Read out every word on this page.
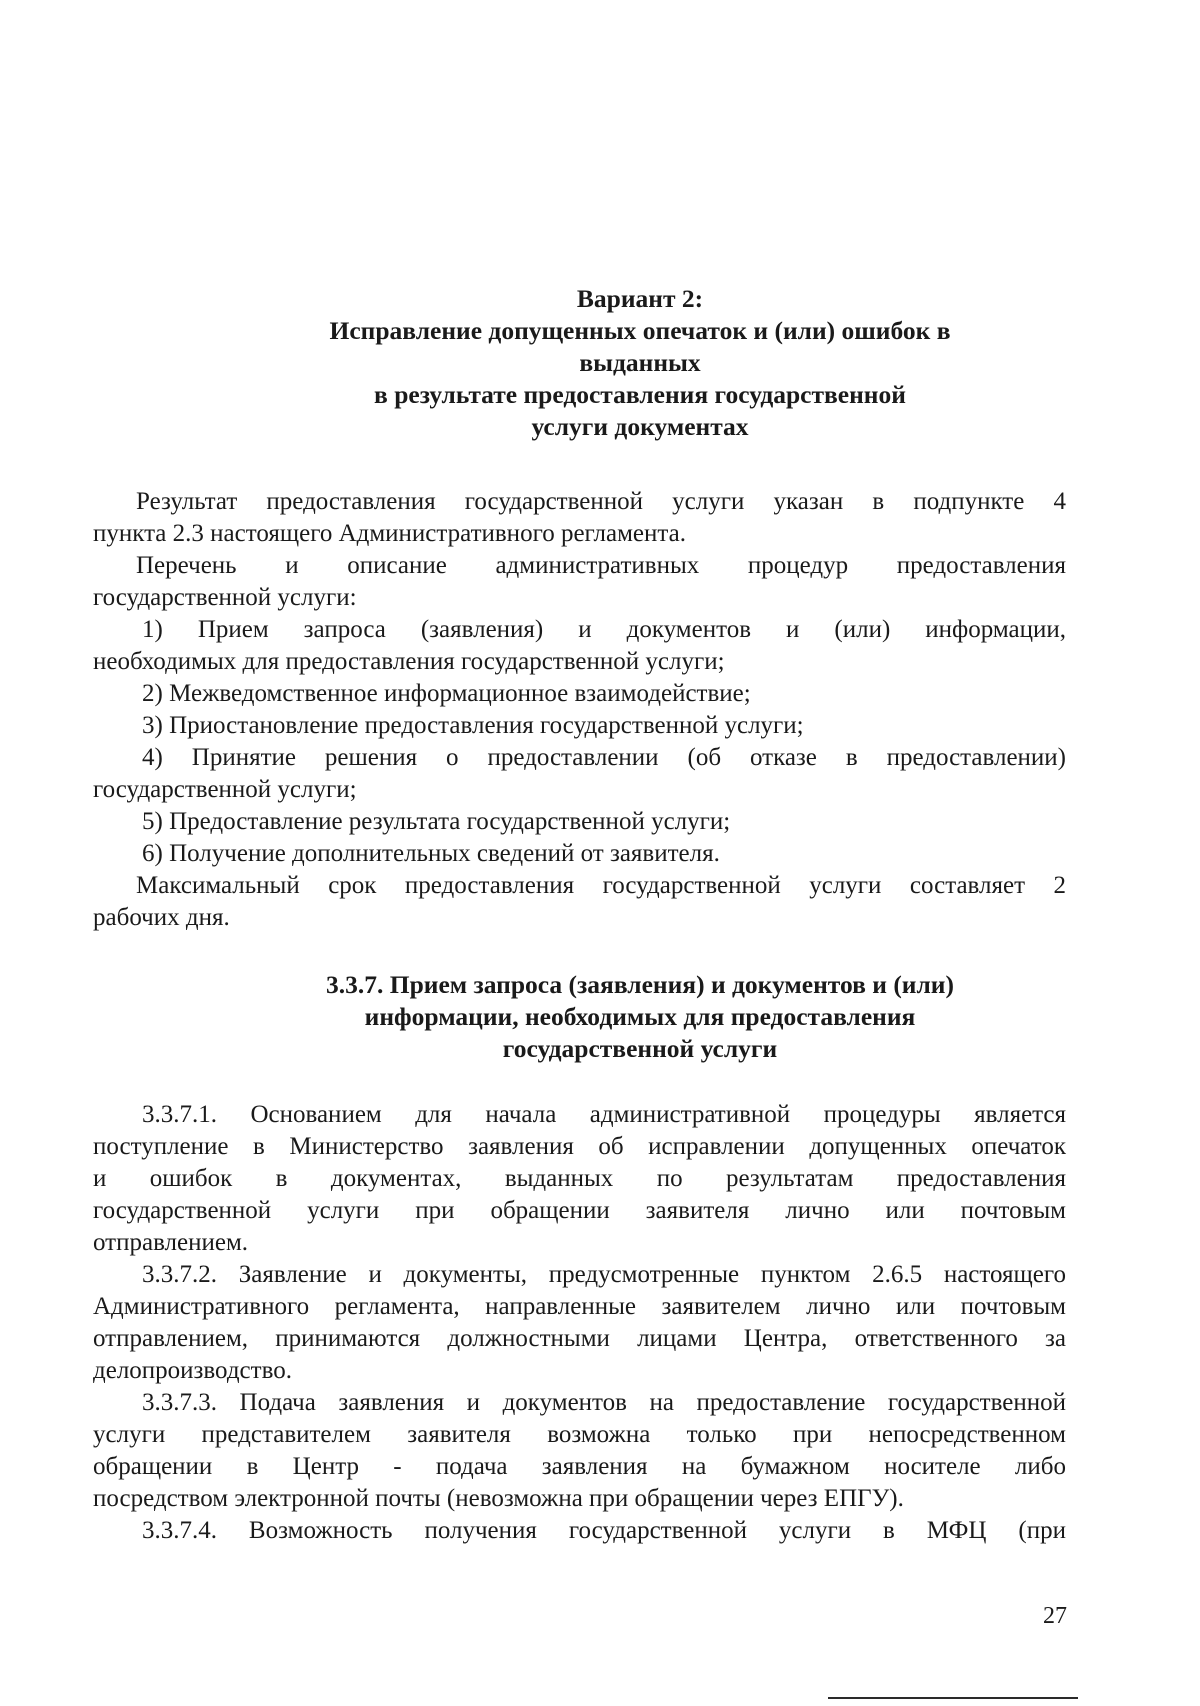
Вариант 2:
Исправление допущенных опечаток и (или) ошибок в
выданных
в результате предоставления государственной
услуги документах
Результат предоставления государственной услуги указан в подпункте 4
пункта 2.3 настоящего Административного регламента.
Перечень и описание административных процедур предоставления
государственной услуги:
1) Прием запроса (заявления) и документов и (или) информации,
необходимых для предоставления государственной услуги;
2) Межведомственное информационное взаимодействие;
3) Приостановление предоставления государственной услуги;
4) Принятие решения о предоставлении (об отказе в предоставлении)
государственной услуги;
5) Предоставление результата государственной услуги;
6) Получение дополнительных сведений от заявителя.
Максимальный срок предоставления государственной услуги составляет 2
рабочих дня.
3.3.7. Прием запроса (заявления) и документов и (или)
информации, необходимых для предоставления
государственной услуги
3.3.7.1. Основанием для начала административной процедуры является
поступление в Министерство заявления об исправлении допущенных опечаток
и ошибок в документах, выданных по результатам предоставления
государственной услуги при обращении заявителя лично или почтовым
отправлением.
3.3.7.2. Заявление и документы, предусмотренные пунктом 2.6.5 настоящего
Административного регламента, направленные заявителем лично или почтовым
отправлением, принимаются должностными лицами Центра, ответственного за
делопроизводство.
3.3.7.3. Подача заявления и документов на предоставление государственной
услуги представителем заявителя возможна только при непосредственном
обращении в Центр - подача заявления на бумажном носителе либо
посредством электронной почты (невозможна при обращении через ЕПГУ).
3.3.7.4. Возможность получения государственной услуги в МФЦ (при
27
